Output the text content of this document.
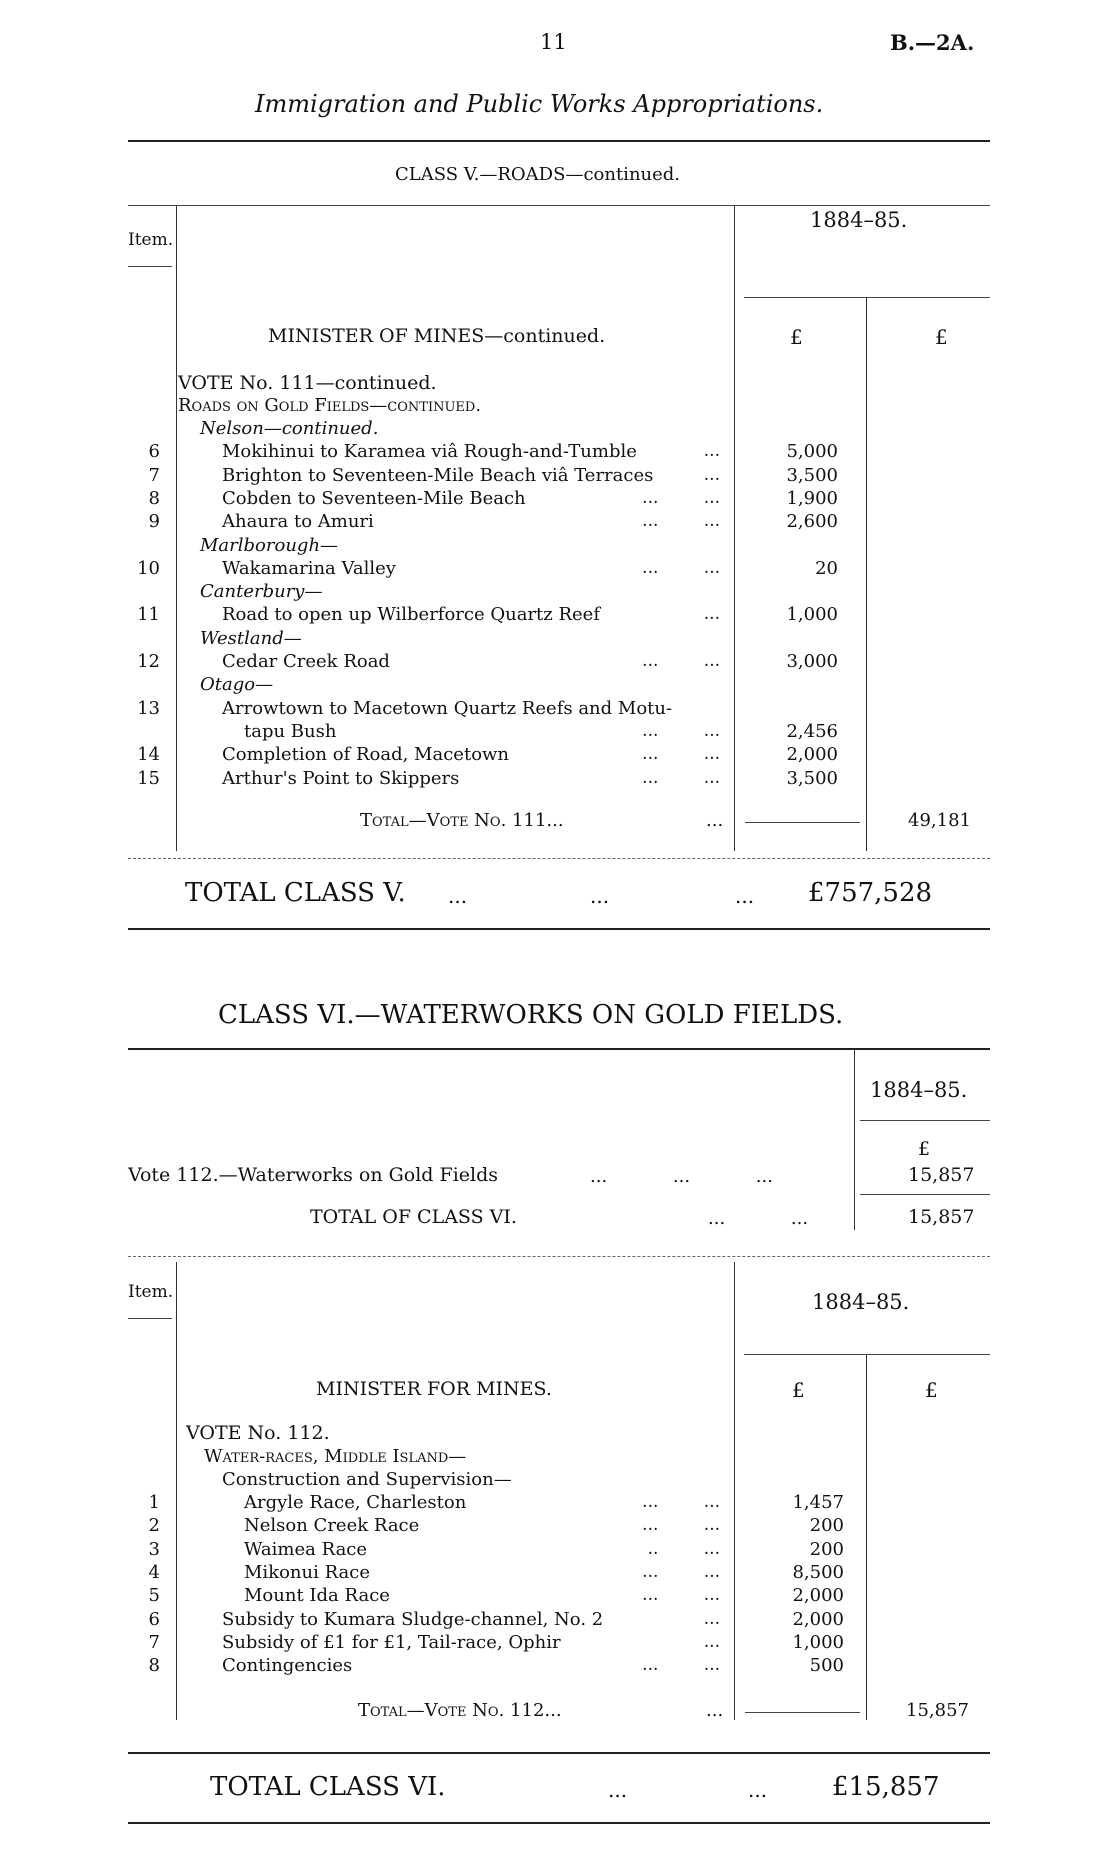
11	B.—2A.
Immigration and Public Works Appropriations.
CLASS V.—ROADS—continued.
Item.
1884–85.
£	£
MINISTER OF MINES—continued.
VOTE No. 111—continued.
Roads on Gold Fields—continued.
Nelson—continued.
6	Mokihinui to Karamea viâ Rough-and-Tumble	...	5,000
7	Brighton to Seventeen-Mile Beach viâ Terraces	...	3,500
8	Cobden to Seventeen-Mile Beach	... ...	1,900
9	Ahaura to Amuri	... ...	2,600
Marlborough—
10	Wakamarina Valley	... ...	20
Canterbury—
11	Road to open up Wilberforce Quartz Reef	...	1,000
Westland—
12	Cedar Creek Road	... ...	3,000
Otago—
13	Arrowtown to Macetown Quartz Reefs and Motu-
tapu Bush	... ...	2,456
14	Completion of Road, Macetown	... ...	2,000
15	Arthur's Point to Skippers	... ...	3,500
Total—Vote No. 111...	...	49,181
TOTAL CLASS V. ...	...	... £757,528
CLASS VI.—WATERWORKS ON GOLD FIELDS.
1884–85.
£
Vote 112.—Waterworks on Gold Fields	... ... ...	15,857
TOTAL OF CLASS VI.	... ...	15,857
Item.	1884–85.
£	£
MINISTER FOR MINES.
VOTE No. 112.
Water-races, Middle Island—
Construction and Supervision—
1	Argyle Race, Charleston	... ...	1,457
2	Nelson Creek Race	... ...	200
3	Waimea Race	.. ...	200
4	Mikonui Race	... ...	8,500
5	Mount Ida Race	... ...	2,000
6	Subsidy to Kumara Sludge-channel, No. 2	...	2,000
7	Subsidy of £1 for £1, Tail-race, Ophir	...	1,000
8	Contingencies	... ...	500
Total—Vote No. 112...	...	15,857
TOTAL CLASS VI.	...	... £15,857
